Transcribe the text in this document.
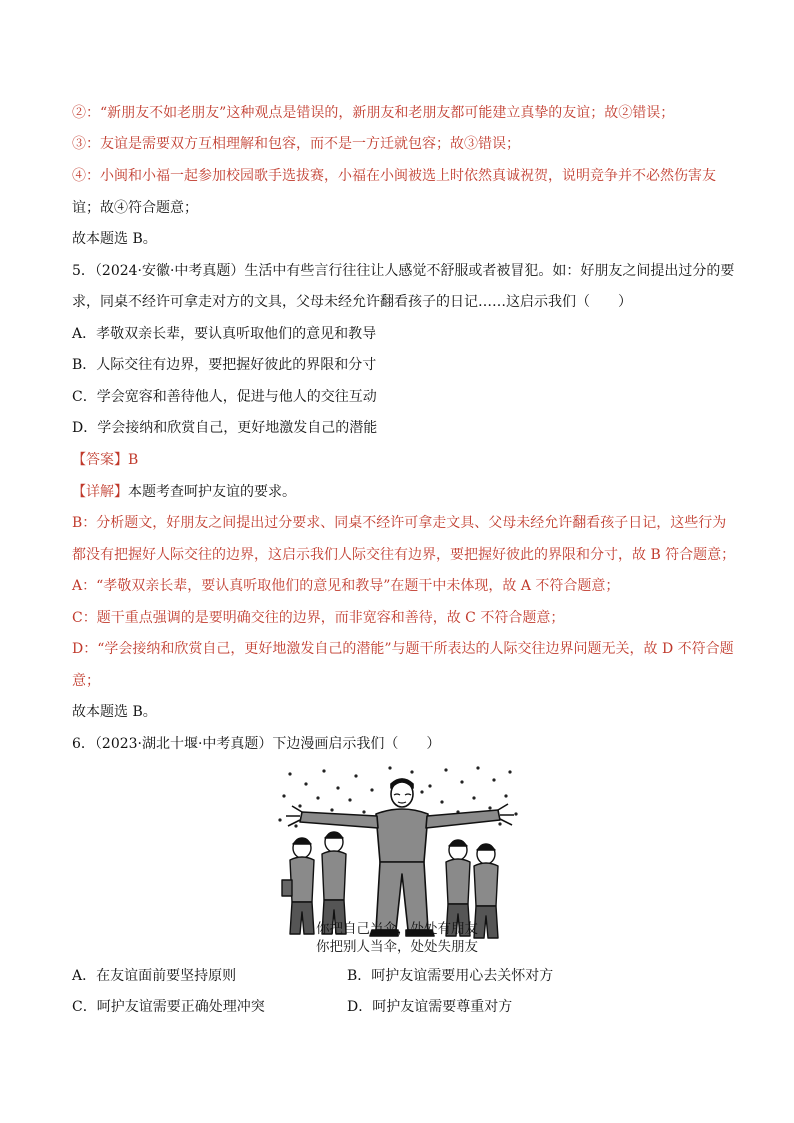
②：“新朋友不如老朋友”这种观点是错误的，新朋友和老朋友都可能建立真挚的友谊；故②错误；
③：友谊是需要双方互相理解和包容，而不是一方迁就包容；故③错误；
④：小闽和小福一起参加校园歌手选拔赛，小福在小闽被选上时依然真诚祝贺，说明竞争并不必然伤害友
谊；故④符合题意；
故本题选 B。
5．（2024·安徽·中考真题）生活中有些言行往往让人感觉不舒服或者被冒犯。如：好朋友之间提出过分的要
求，同桌不经许可拿走对方的文具，父母未经允许翻看孩子的日记……这启示我们（　　）
A．孝敬双亲长辈，要认真听取他们的意见和教导
B．人际交往有边界，要把握好彼此的界限和分寸
C．学会宽容和善待他人，促进与他人的交往互动
D．学会接纳和欣赏自己，更好地激发自己的潜能
【答案】B
【详解】本题考查呵护友谊的要求。
B：分析题文，好朋友之间提出过分要求、同桌不经许可拿走文具、父母未经允许翻看孩子日记，这些行为
都没有把握好人际交往的边界，这启示我们人际交往有边界，要把握好彼此的界限和分寸，故 B 符合题意；
A：“孝敬双亲长辈，要认真听取他们的意见和教导”在题干中未体现，故 A 不符合题意；
C：题干重点强调的是要明确交往的边界，而非宽容和善待，故 C 不符合题意；
D：“学会接纳和欣赏自己，更好地激发自己的潜能”与题干所表达的人际交往边界问题无关，故 D 不符合题
意；
故本题选 B。
6．（2023·湖北十堰·中考真题）下边漫画启示我们（　　）
你把自己当伞，处处有朋友
你把别人当伞，处处失朋友
A．在友谊面前要坚持原则	B．呵护友谊需要用心去关怀对方
C．呵护友谊需要正确处理冲突	D．呵护友谊需要尊重对方
